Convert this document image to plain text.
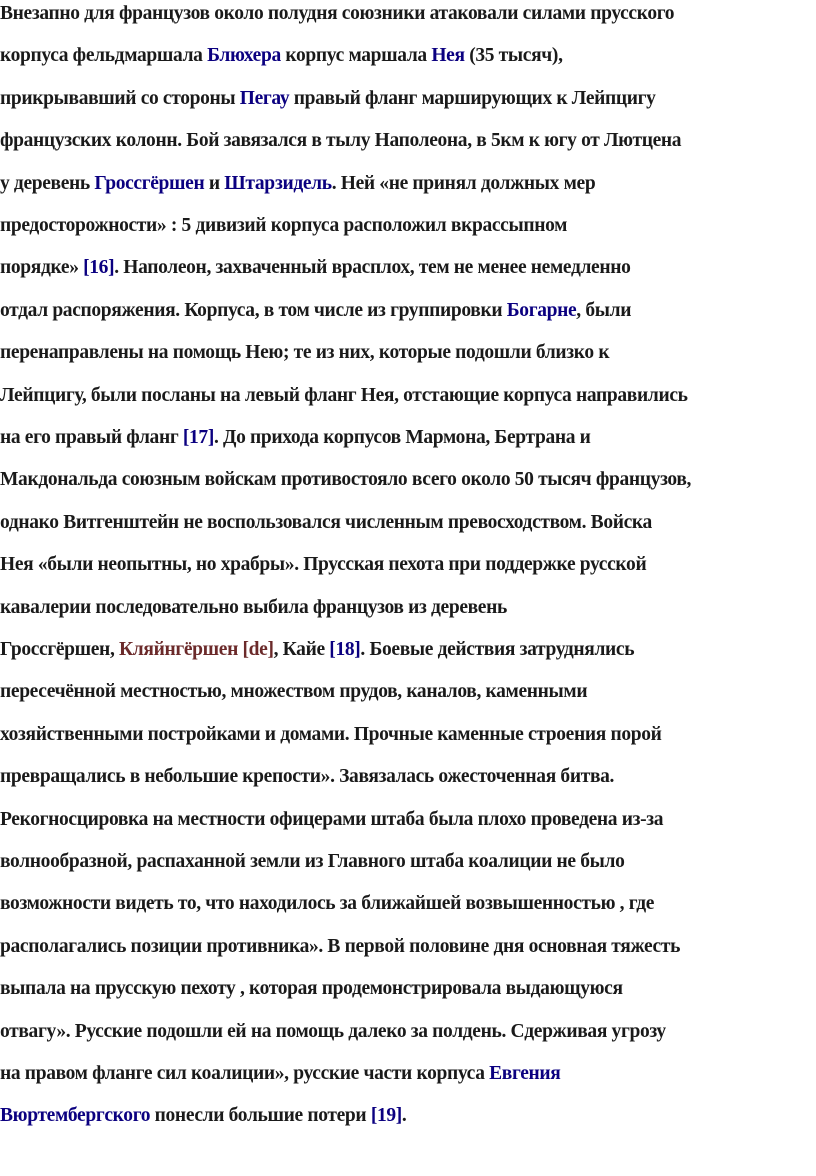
Внезапно для французов около полудня союзники атаковали силами прусского
корпуса фельдмаршала Блюхера корпус маршала Нея (35 тысяч),
прикрывавший со стороны Пегау правый фланг марширующих к Лейпцигу
французских колонн. Бой завязался в тылу Наполеона, в 5км к югу от Лютцена
у деревень Гроссгёршен и Штарзидель. Ней «не принял должных мер
предосторожности» : 5 дивизий корпуса расположил вкрассыпном
порядке» [16]. Наполеон, захваченный врасплох, тем не менее немедленно
отдал распоряжения. Корпуса, в том числе из группировки Богарне, были
перенаправлены на помощь Нею; те из них, которые подошли близко к
Лейпцигу, были посланы на левый фланг Нея, отстающие корпуса направились
на его правый фланг [17]. До прихода корпусов Мармона, Бертрана и
Макдональда союзным войскам противостояло всего около 50 тысяч французов,
однако Витгенштейн не воспользовался численным превосходством. Войска
Нея «были неопытны, но храбры». Прусская пехота при поддержке русской
кавалерии последовательно выбила французов из деревень
Гроссгёршен, Кляйнгёршен [de], Кайе [18]. Боевые действия затруднялись
пересечённой местностью, множеством прудов, каналов, каменными
хозяйственными постройками и домами. Прочные каменные строения порой
превращались в небольшие крепости». Завязалась ожесточенная битва.
Рекогносцировка на местности офицерами штаба была плохо проведена из-за
волнообразной, распаханной земли из Главного штаба коалиции не было
возможности видеть то, что находилось за ближайшей возвышенностью , где
располагались позиции противника». В первой половине дня основная тяжесть
выпала на прусскую пехоту , которая продемонстрировала выдающуюся
отвагу». Русские подошли ей на помощь далеко за полдень. Сдерживая угрозу
на правом фланге сил коалиции», русские части корпуса Евгения
Вюртембергского понесли большие потери [19].
